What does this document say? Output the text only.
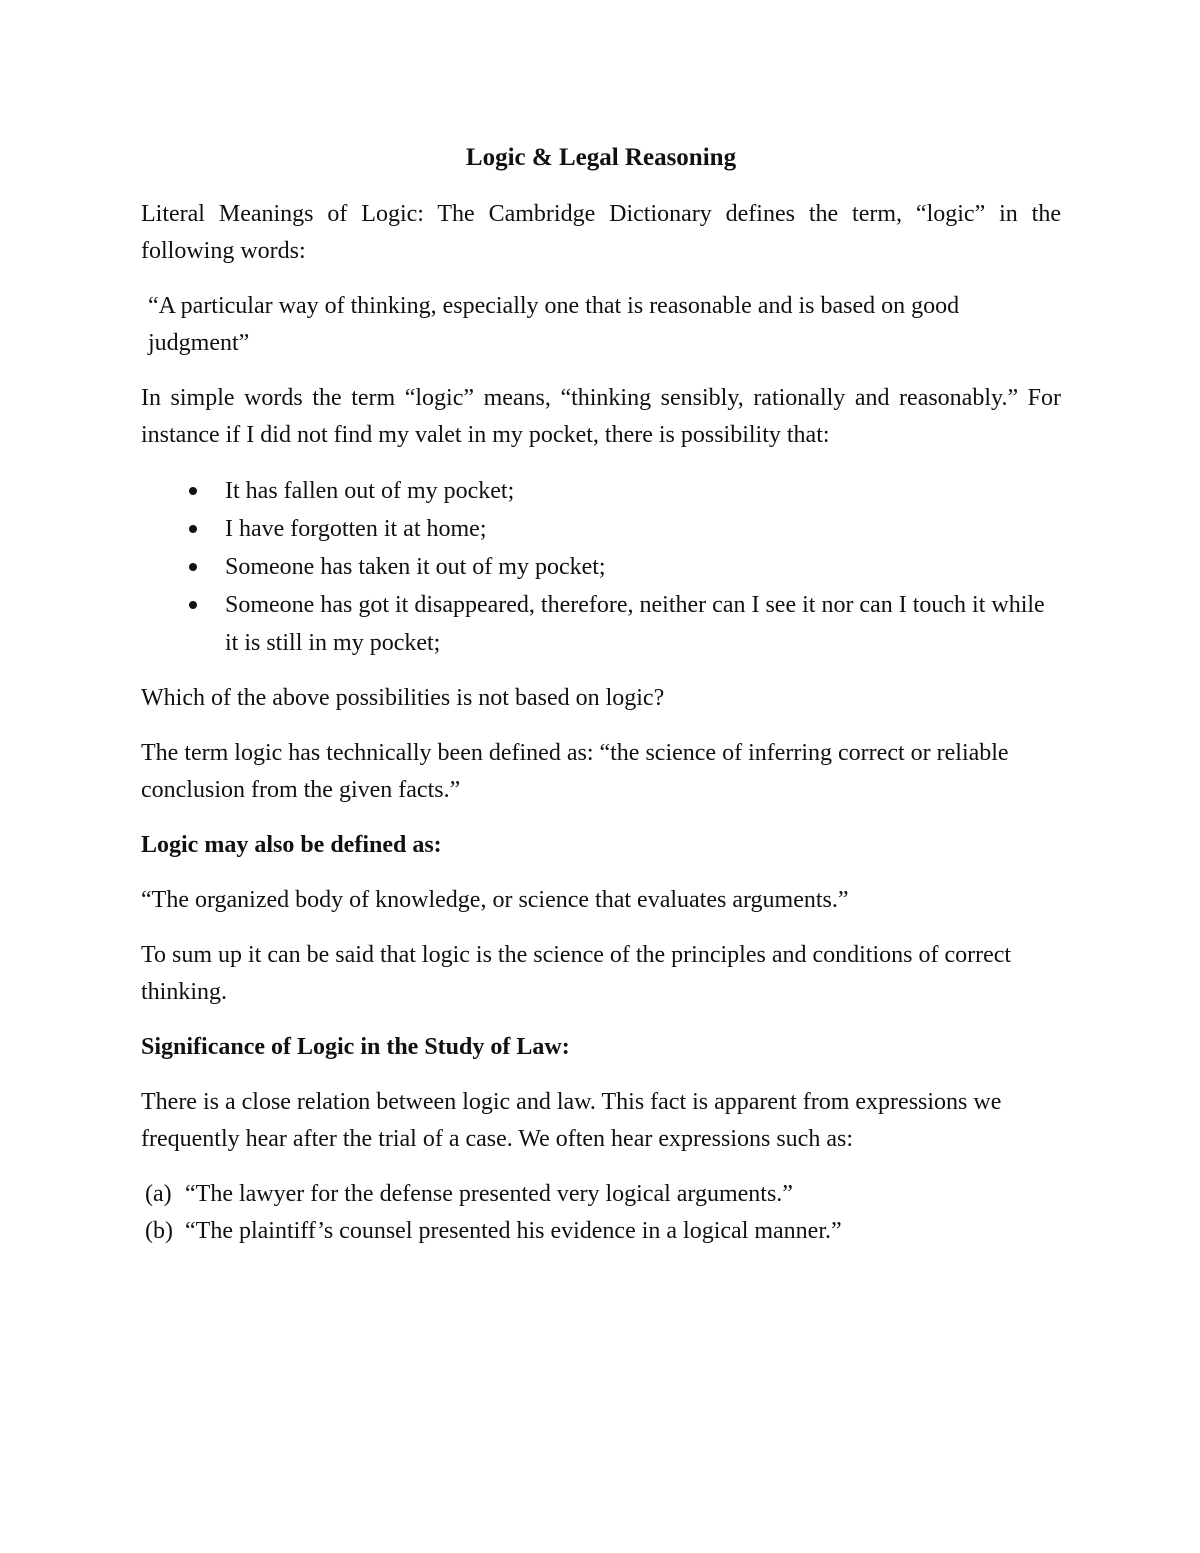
Logic & Legal Reasoning

Literal Meanings of Logic: The Cambridge Dictionary defines the term, “logic” in the following words:

“A particular way of thinking, especially one that is reasonable and is based on good judgment”

In simple words the term “logic” means, “thinking sensibly, rationally and reasonably.” For instance if I did not find my valet in my pocket, there is possibility that:

It has fallen out of my pocket;
I have forgotten it at home;
Someone has taken it out of my pocket;
Someone has got it disappeared, therefore, neither can I see it nor can I touch it while it is still in my pocket;

Which of the above possibilities is not based on logic?

The term logic has technically been defined as: “the science of inferring correct or reliable conclusion from the given facts.”

Logic may also be defined as:

“The organized body of knowledge, or science that evaluates arguments.”

To sum up it can be said that logic is the science of the principles and conditions of correct thinking.

Significance of Logic in the Study of Law:

There is a close relation between logic and law. This fact is apparent from expressions we frequently hear after the trial of a case. We often hear expressions such as:

(a) “The lawyer for the defense presented very logical arguments.”
(b) “The plaintiff’s counsel presented his evidence in a logical manner.”
